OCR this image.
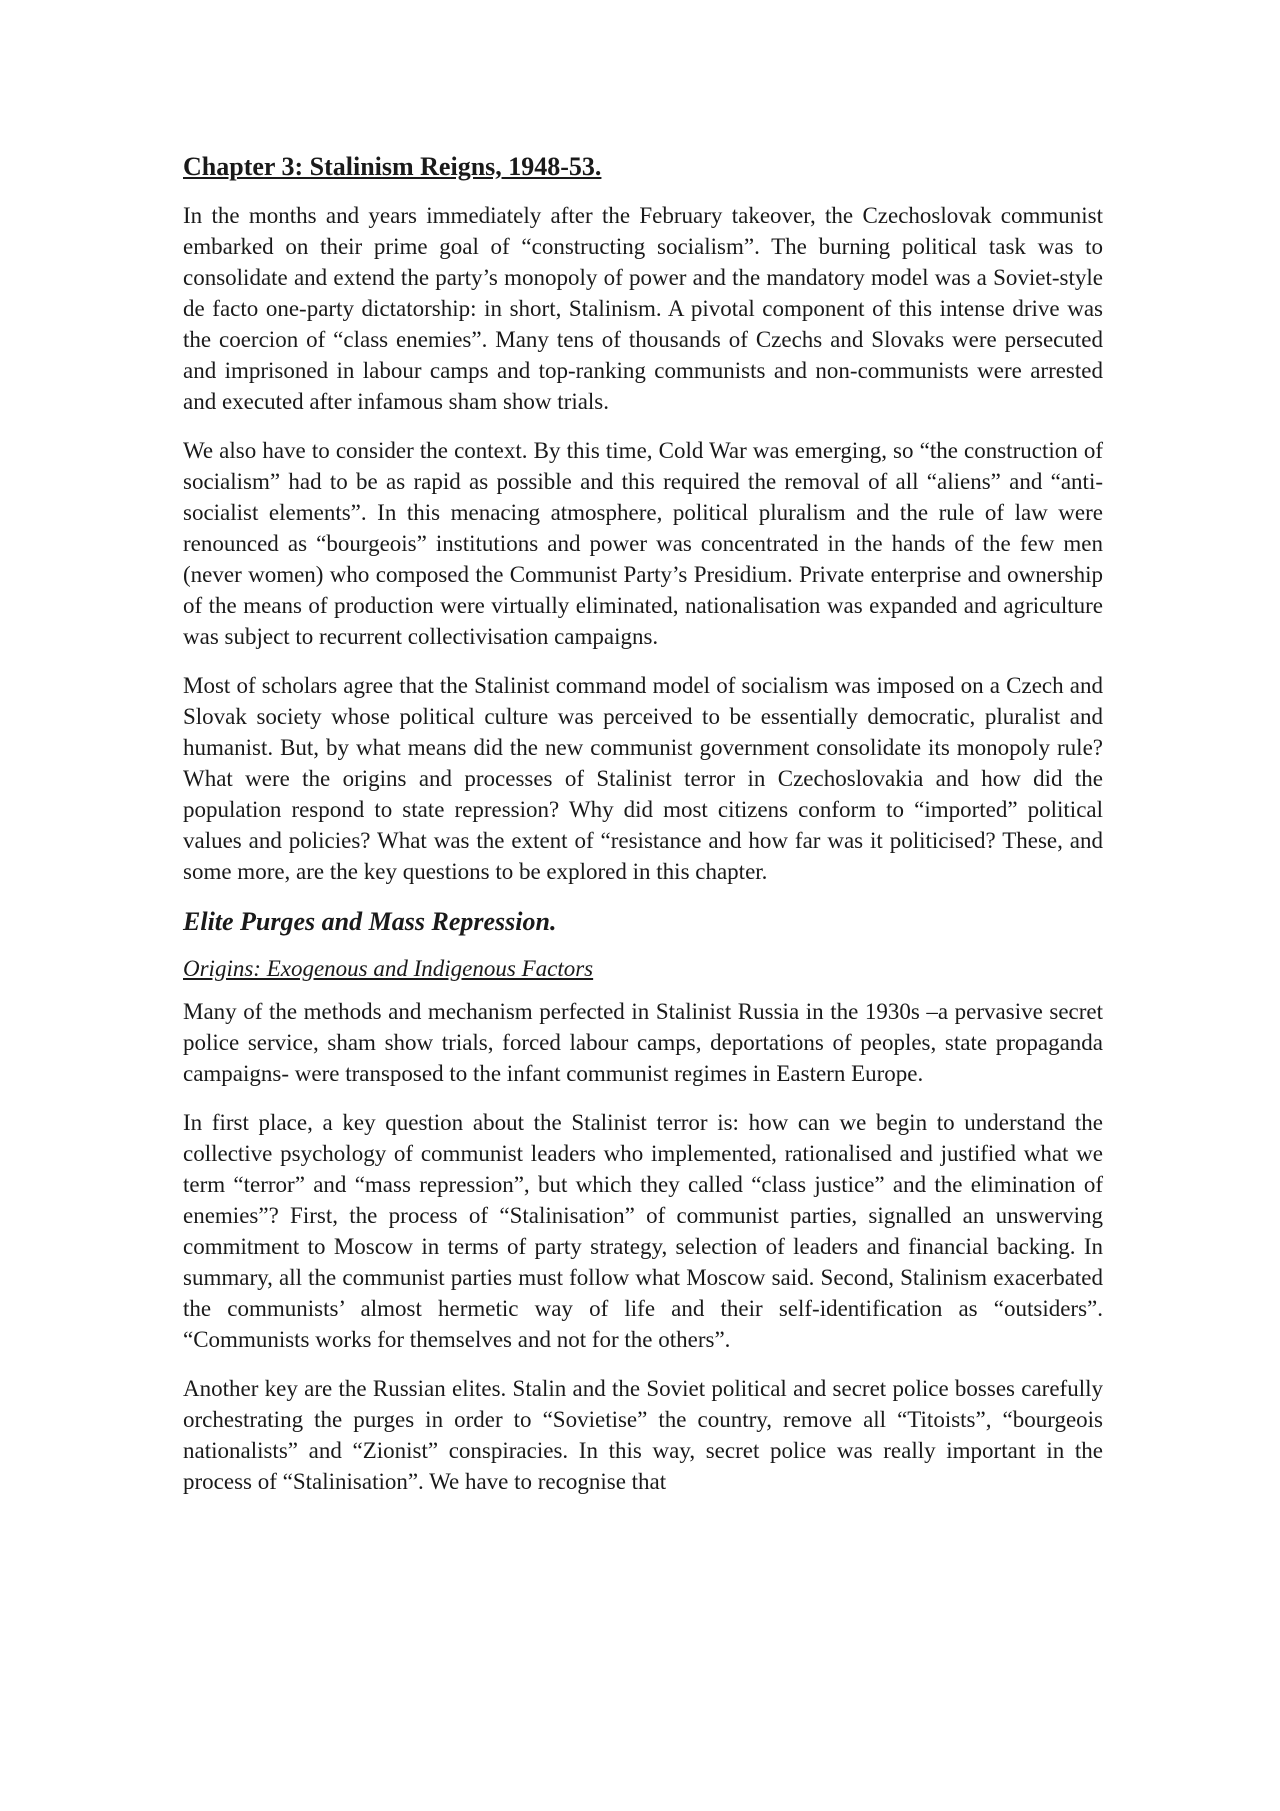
Chapter 3: Stalinism Reigns, 1948-53.

In the months and years immediately after the February takeover, the Czechoslovak communist embarked on their prime goal of “constructing socialism”. The burning political task was to consolidate and extend the party’s monopoly of power and the mandatory model was a Soviet-style de facto one-party dictatorship: in short, Stalinism. A pivotal component of this intense drive was the coercion of “class enemies”. Many tens of thousands of Czechs and Slovaks were persecuted and imprisoned in labour camps and top-ranking communists and non-communists were arrested and executed after infamous sham show trials.

We also have to consider the context. By this time, Cold War was emerging, so “the construction of socialism” had to be as rapid as possible and this required the removal of all “aliens” and “anti-socialist elements”. In this menacing atmosphere, political pluralism and the rule of law were renounced as “bourgeois” institutions and power was concentrated in the hands of the few men (never women) who composed the Communist Party’s Presidium. Private enterprise and ownership of the means of production were virtually eliminated, nationalisation was expanded and agriculture was subject to recurrent collectivisation campaigns.

Most of scholars agree that the Stalinist command model of socialism was imposed on a Czech and Slovak society whose political culture was perceived to be essentially democratic, pluralist and humanist. But, by what means did the new communist government consolidate its monopoly rule? What were the origins and processes of Stalinist terror in Czechoslovakia and how did the population respond to state repression? Why did most citizens conform to “imported” political values and policies? What was the extent of “resistance and how far was it politicised? These, and some more, are the key questions to be explored in this chapter.

Elite Purges and Mass Repression.
Origins: Exogenous and Indigenous Factors

Many of the methods and mechanism perfected in Stalinist Russia in the 1930s –a pervasive secret police service, sham show trials, forced labour camps, deportations of peoples, state propaganda campaigns- were transposed to the infant communist regimes in Eastern Europe.

In first place, a key question about the Stalinist terror is: how can we begin to understand the collective psychology of communist leaders who implemented, rationalised and justified what we term “terror” and “mass repression”, but which they called “class justice” and the elimination of enemies”? First, the process of “Stalinisation” of communist parties, signalled an unswerving commitment to Moscow in terms of party strategy, selection of leaders and financial backing. In summary, all the communist parties must follow what Moscow said. Second, Stalinism exacerbated the communists’ almost hermetic way of life and their self-identification as “outsiders”. “Communists works for themselves and not for the others”.

Another key are the Russian elites. Stalin and the Soviet political and secret police bosses carefully orchestrating the purges in order to “Sovietise” the country, remove all “Titoists”, “bourgeois nationalists” and “Zionist” conspiracies. In this way, secret police was really important in the process of “Stalinisation”. We have to recognise that
